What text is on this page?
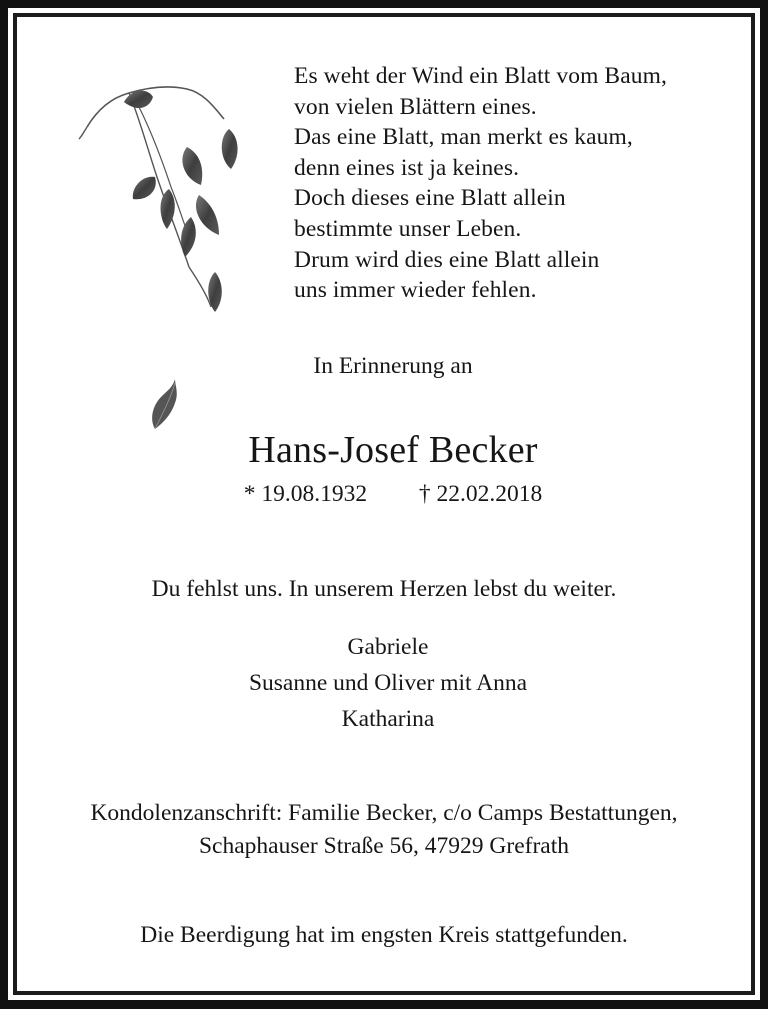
Es weht der Wind ein Blatt vom Baum,
von vielen Blättern eines.
Das eine Blatt, man merkt es kaum,
denn eines ist ja keines.
Doch dieses eine Blatt allein
bestimmte unser Leben.
Drum wird dies eine Blatt allein
uns immer wieder fehlen.
In Erinnerung an
Hans-Josef Becker
* 19.08.1932 † 22.02.2018
Du fehlst uns. In unserem Herzen lebst du weiter.
Gabriele
Susanne und Oliver mit Anna
Katharina
Kondolenzanschrift: Familie Becker, c/o Camps Bestattungen,
Schaphauser Straße 56, 47929 Grefrath
Die Beerdigung hat im engsten Kreis stattgefunden.
